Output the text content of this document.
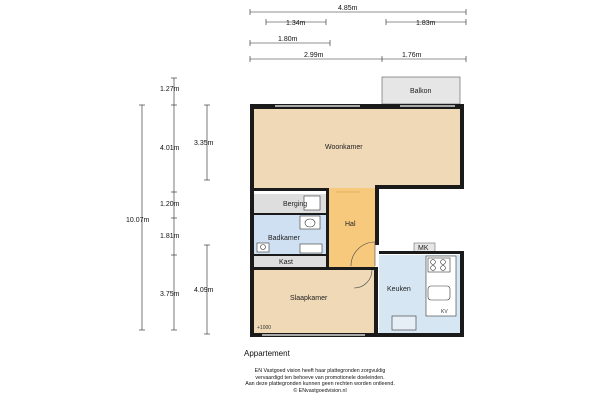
4.85m
1.34m	1.83m
1.80m
2.99m	1.76m
1.27m
4.01m
3.35m
1.20m
10.07m
1.81m
3.75m
4.09m
Balkon
Woonkamer
Berging
Hal
Badkamer
MK
Kast
Keuken
Slaapkamer
+1000
KV
Appartement
EN Vastgoed vision heeft haar plattegronden zorgvuldig
vervaardigd ten behoeve van promotionele doeleinden.
Aan deze plattegronden kunnen geen rechten worden ontleend.
© ENvastgoedvision.nl
